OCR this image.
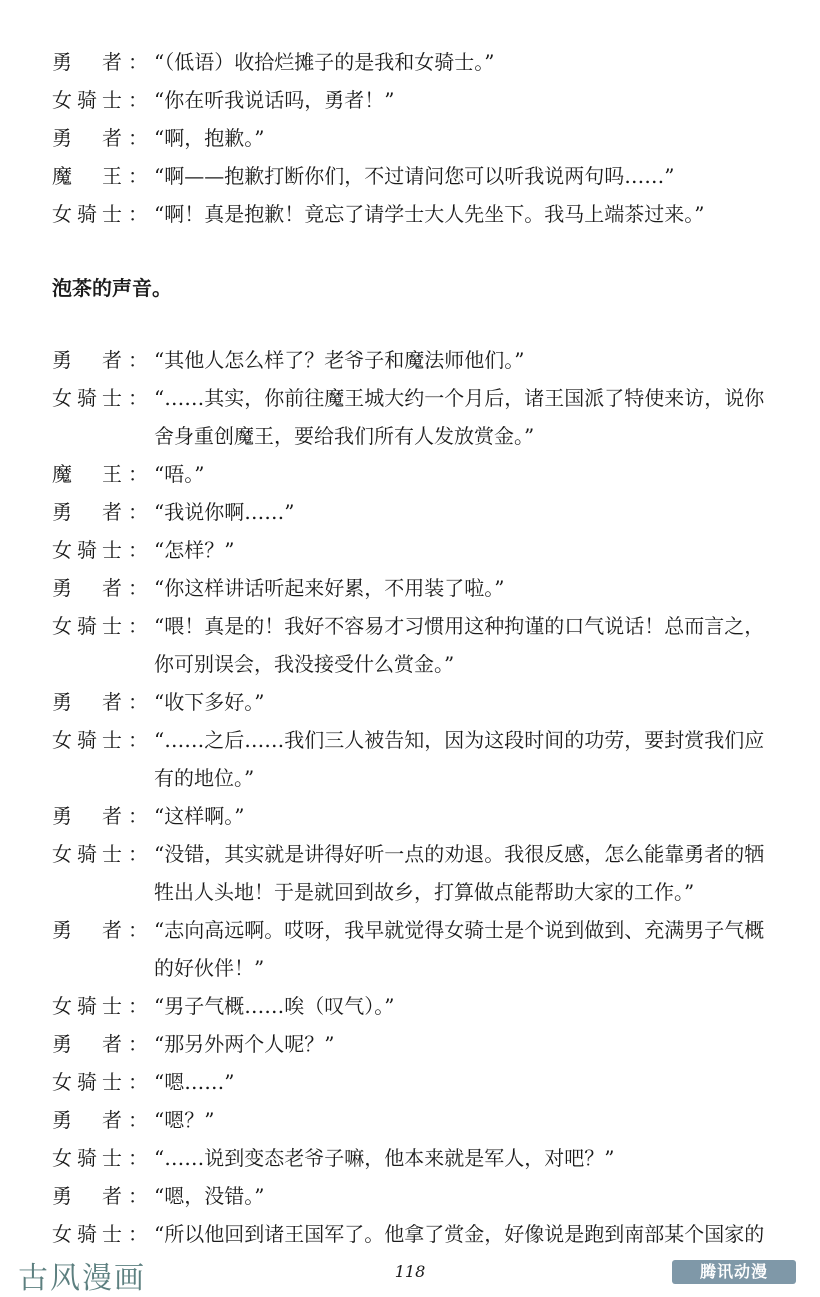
勇 者 ： “（低语）收拾烂摊子的是我和女骑士。”
女 骑 士 ： “你在听我说话吗，勇者！”
勇 者 ： “啊，抱歉。”
魔 王 ： “啊——抱歉打断你们，不过请问您可以听我说两句吗……”
女 骑 士 ： “啊！真是抱歉！竟忘了请学士大人先坐下。我马上端茶过来。”
勇 者 ： “其他人怎么样了？老爷子和魔法师他们。”
女 骑 士 ： “……其实，你前往魔王城大约一个月后，诸王国派了特使来访，说你
舍身重创魔王，要给我们所有人发放赏金。”
魔 王 ： “唔。”
勇 者 ： “我说你啊……”
女 骑 士 ： “怎样？”
勇 者 ： “你这样讲话听起来好累，不用装了啦。”
女 骑 士 ： “喂！真是的！我好不容易才习惯用这种拘谨的口气说话！总而言之，
你可别误会，我没接受什么赏金。”
勇 者 ： “收下多好。”
女 骑 士 ： “……之后……我们三人被告知，因为这段时间的功劳，要封赏我们应
有的地位。”
勇 者 ： “这样啊。”
女 骑 士 ： “没错，其实就是讲得好听一点的劝退。我很反感，怎么能靠勇者的牺
牲出人头地！于是就回到故乡，打算做点能帮助大家的工作。”
勇 者 ： “志向高远啊。哎呀，我早就觉得女骑士是个说到做到、充满男子气概
的好伙伴！”
女 骑 士 ： “男子气概……唉（叹气）。”
勇 者 ： “那另外两个人呢？”
女 骑 士 ： “嗯……”
勇 者 ： “嗯？”
女 骑 士 ： “……说到变态老爷子嘛，他本来就是军人，对吧？”
勇 者 ： “嗯，没错。”
女 骑 士 ： “所以他回到诸王国军了。他拿了赏金，好像说是跑到南部某个国家的
泡茶的声音。
118
古风漫画	腾讯动漫
